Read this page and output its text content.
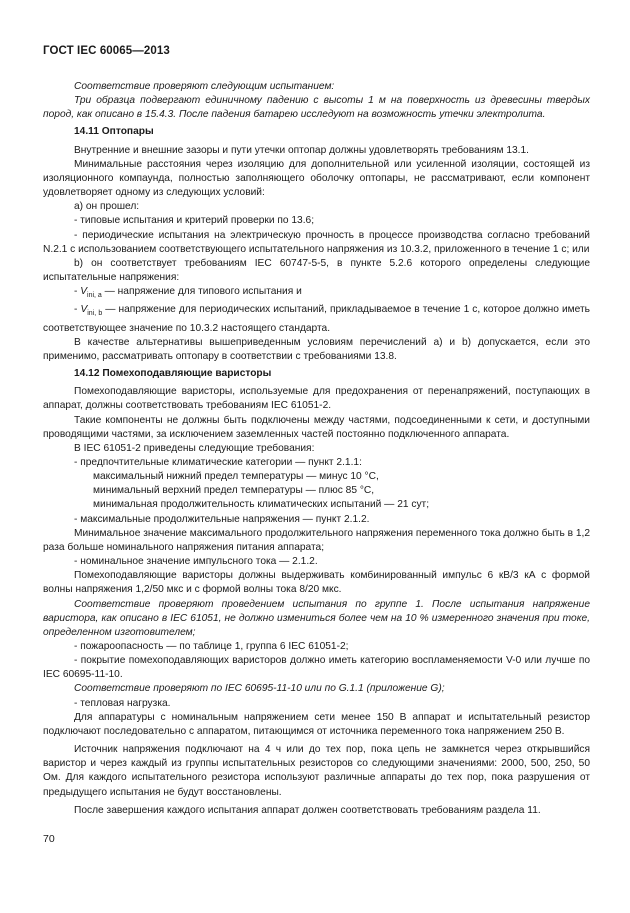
ГОСТ IEC 60065—2013

Соответствие проверяют следующим испытанием:

Три образца подвергают единичному падению с высоты 1 м на поверхность из древесины твердых пород, как описано в 15.4.3. После падения батарею исследуют на возможность утечки электролита.

14.11 Оптопары

Внутренние и внешние зазоры и пути утечки оптопар должны удовлетворять требованиям 13.1.

Минимальные расстояния через изоляцию для дополнительной или усиленной изоляции, состоящей из изоляционного компаунда, полностью заполняющего оболочку оптопары, не рассматривают, если компонент удовлетворяет одному из следующих условий:

a) он прошел:

- типовые испытания и критерий проверки по 13.6;

- периодические испытания на электрическую прочность в процессе производства согласно требований N.2.1 с использованием соответствующего испытательного напряжения из 10.3.2, приложенного в течение 1 с; или

b) он соответствует требованиям IEC 60747-5-5, в пункте 5.2.6 которого определены следующие испытательные напряжения:

- $V_{ini, a}$ — напряжение для типового испытания и

- $V_{ini, b}$ — напряжение для периодических испытаний, прикладываемое в течение 1 с, которое должно иметь соответствующее значение по 10.3.2 настоящего стандарта.

В качестве альтернативы вышеприведенным условиям перечислений a) и b) допускается, если это применимо, рассматривать оптопару в соответствии с требованиями 13.8.

14.12 Помехоподавляющие варисторы

Помехоподавляющие варисторы, используемые для предохранения от перенапряжений, поступающих в аппарат, должны соответствовать требованиям IEC 61051-2.

Такие компоненты не должны быть подключены между частями, подсоединенными к сети, и доступными проводящими частями, за исключением заземленных частей постоянно подключенного аппарата.

В IEC 61051-2 приведены следующие требования:

- предпочтительные климатические категории — пункт 2.1.1:

максимальный нижний предел температуры — минус 10 °C,

минимальный верхний предел температуры — плюс 85 °C,

минимальная продолжительность климатических испытаний — 21 сут;

- максимальные продолжительные напряжения — пункт 2.1.2.

Минимальное значение максимального продолжительного напряжения переменного тока должно быть в 1,2 раза больше номинального напряжения питания аппарата;

- номинальное значение импульсного тока — 2.1.2.

Помехоподавляющие варисторы должны выдерживать комбинированный импульс 6 кВ/3 кА с формой волны напряжения 1,2/50 мкс и с формой волны тока 8/20 мкс.

Соответствие проверяют проведением испытания по группе 1. После испытания напряжение варистора, как описано в IEC 61051, не должно измениться более чем на 10 % измеренного значения при токе, определенном изготовителем;

- пожароопасность — по таблице 1, группа 6 IEC 61051-2;

- покрытие помехоподавляющих варисторов должно иметь категорию воспламеняемости V-0 или лучше по IEC 60695-11-10.

Соответствие проверяют по IEC 60695-11-10 или по G.1.1 (приложение G);

- тепловая нагрузка.

Для аппаратуры с номинальным напряжением сети менее 150 В аппарат и испытательный резистор подключают последовательно с аппаратом, питающимся от источника переменного тока напряжением 250 В.

Источник напряжения подключают на 4 ч или до тех пор, пока цепь не замкнется через открывшийся варистор и через каждый из группы испытательных резисторов со следующими значениями: 2000, 500, 250, 50 Ом. Для каждого испытательного резистора используют различные аппараты до тех пор, пока разрушения от предыдущего испытания не будут восстановлены.

После завершения каждого испытания аппарат должен соответствовать требованиям раздела 11.

70
